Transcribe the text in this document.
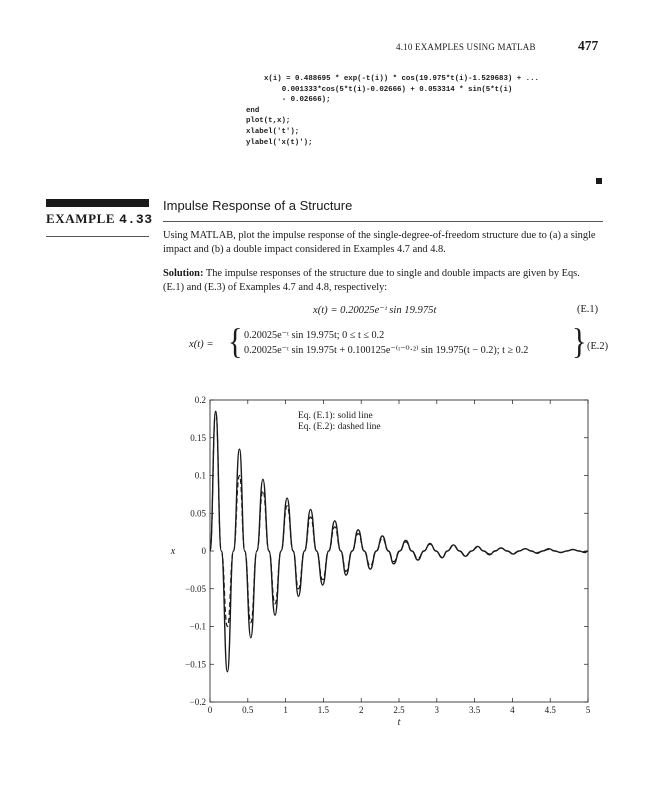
4.10 EXAMPLES USING MATLAB	477
x(i) = 0.488695 * exp(-t(i)) * cos(19.975*t(i)-1.529683) + ...
0.001333*cos(5*t(i)-0.02666) + 0.053314 * sin(5*t(i)
- 0.02666);
end
plot(t,x);
xlabel('t');
ylabel('x(t)');
EXAMPLE 4.33
Impulse Response of a Structure
Using MATLAB, plot the impulse response of the single-degree-of-freedom structure due to (a) a single impact and (b) a double impact considered in Examples 4.7 and 4.8.
Solution: The impulse responses of the structure due to single and double impacts are given by Eqs. (E.1) and (E.3) of Examples 4.7 and 4.8, respectively:
x(t) = 0.20025e⁻ᵗ sin 19.975t	(E.1)
x(t) = { 0.20025e⁻ᵗ sin 19.975t; 0 ≤ t ≤ 0.2
0.20025e⁻ᵗ sin 19.975t + 0.100125e⁻⁽ᵗ⁻⁰·²⁾ sin 19.975(t − 0.2); t ≥ 0.2 } (E.2)
0	0.5	1	1.5	2	2.5	3	3.5	4	4.5	5
0.2
0.15
0.1
0.05
0
−0.05
−0.1
−0.15
−0.2
Eq. (E.1): solid line
Eq. (E.2): dashed line
t
x
